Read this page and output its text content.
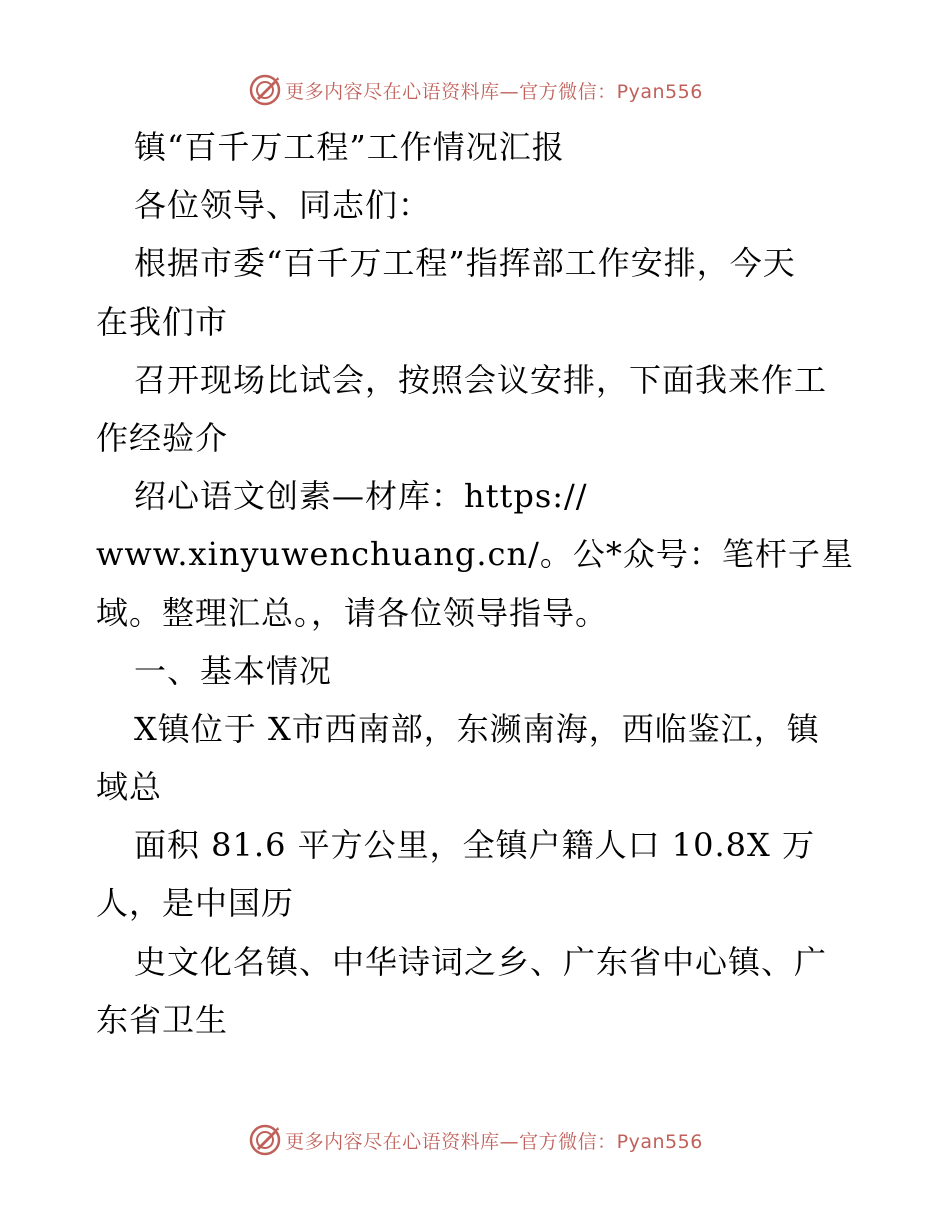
更多内容尽在心语资料库—官方微信：Pyan556
镇“百千万工程”工作情况汇报
各位领导、同志们：
根据市委“百千万工程”指挥部工作安排，今天
在我们市
召开现场比试会，按照会议安排，下面我来作工
作经验介
绍心语文创素—材库：https://
www.xinyuwenchuang.cn/。公*众号：笔杆子星
域。整理汇总。，请各位领导指导。
一、基本情况
X镇位于 X市西南部，东濒南海，西临鉴江，镇
域总
面积 81.6 平方公里，全镇户籍人口 10.8X 万
人，是中国历
史文化名镇、中华诗词之乡、广东省中心镇、广
东省卫生
更多内容尽在心语资料库—官方微信：Pyan556
